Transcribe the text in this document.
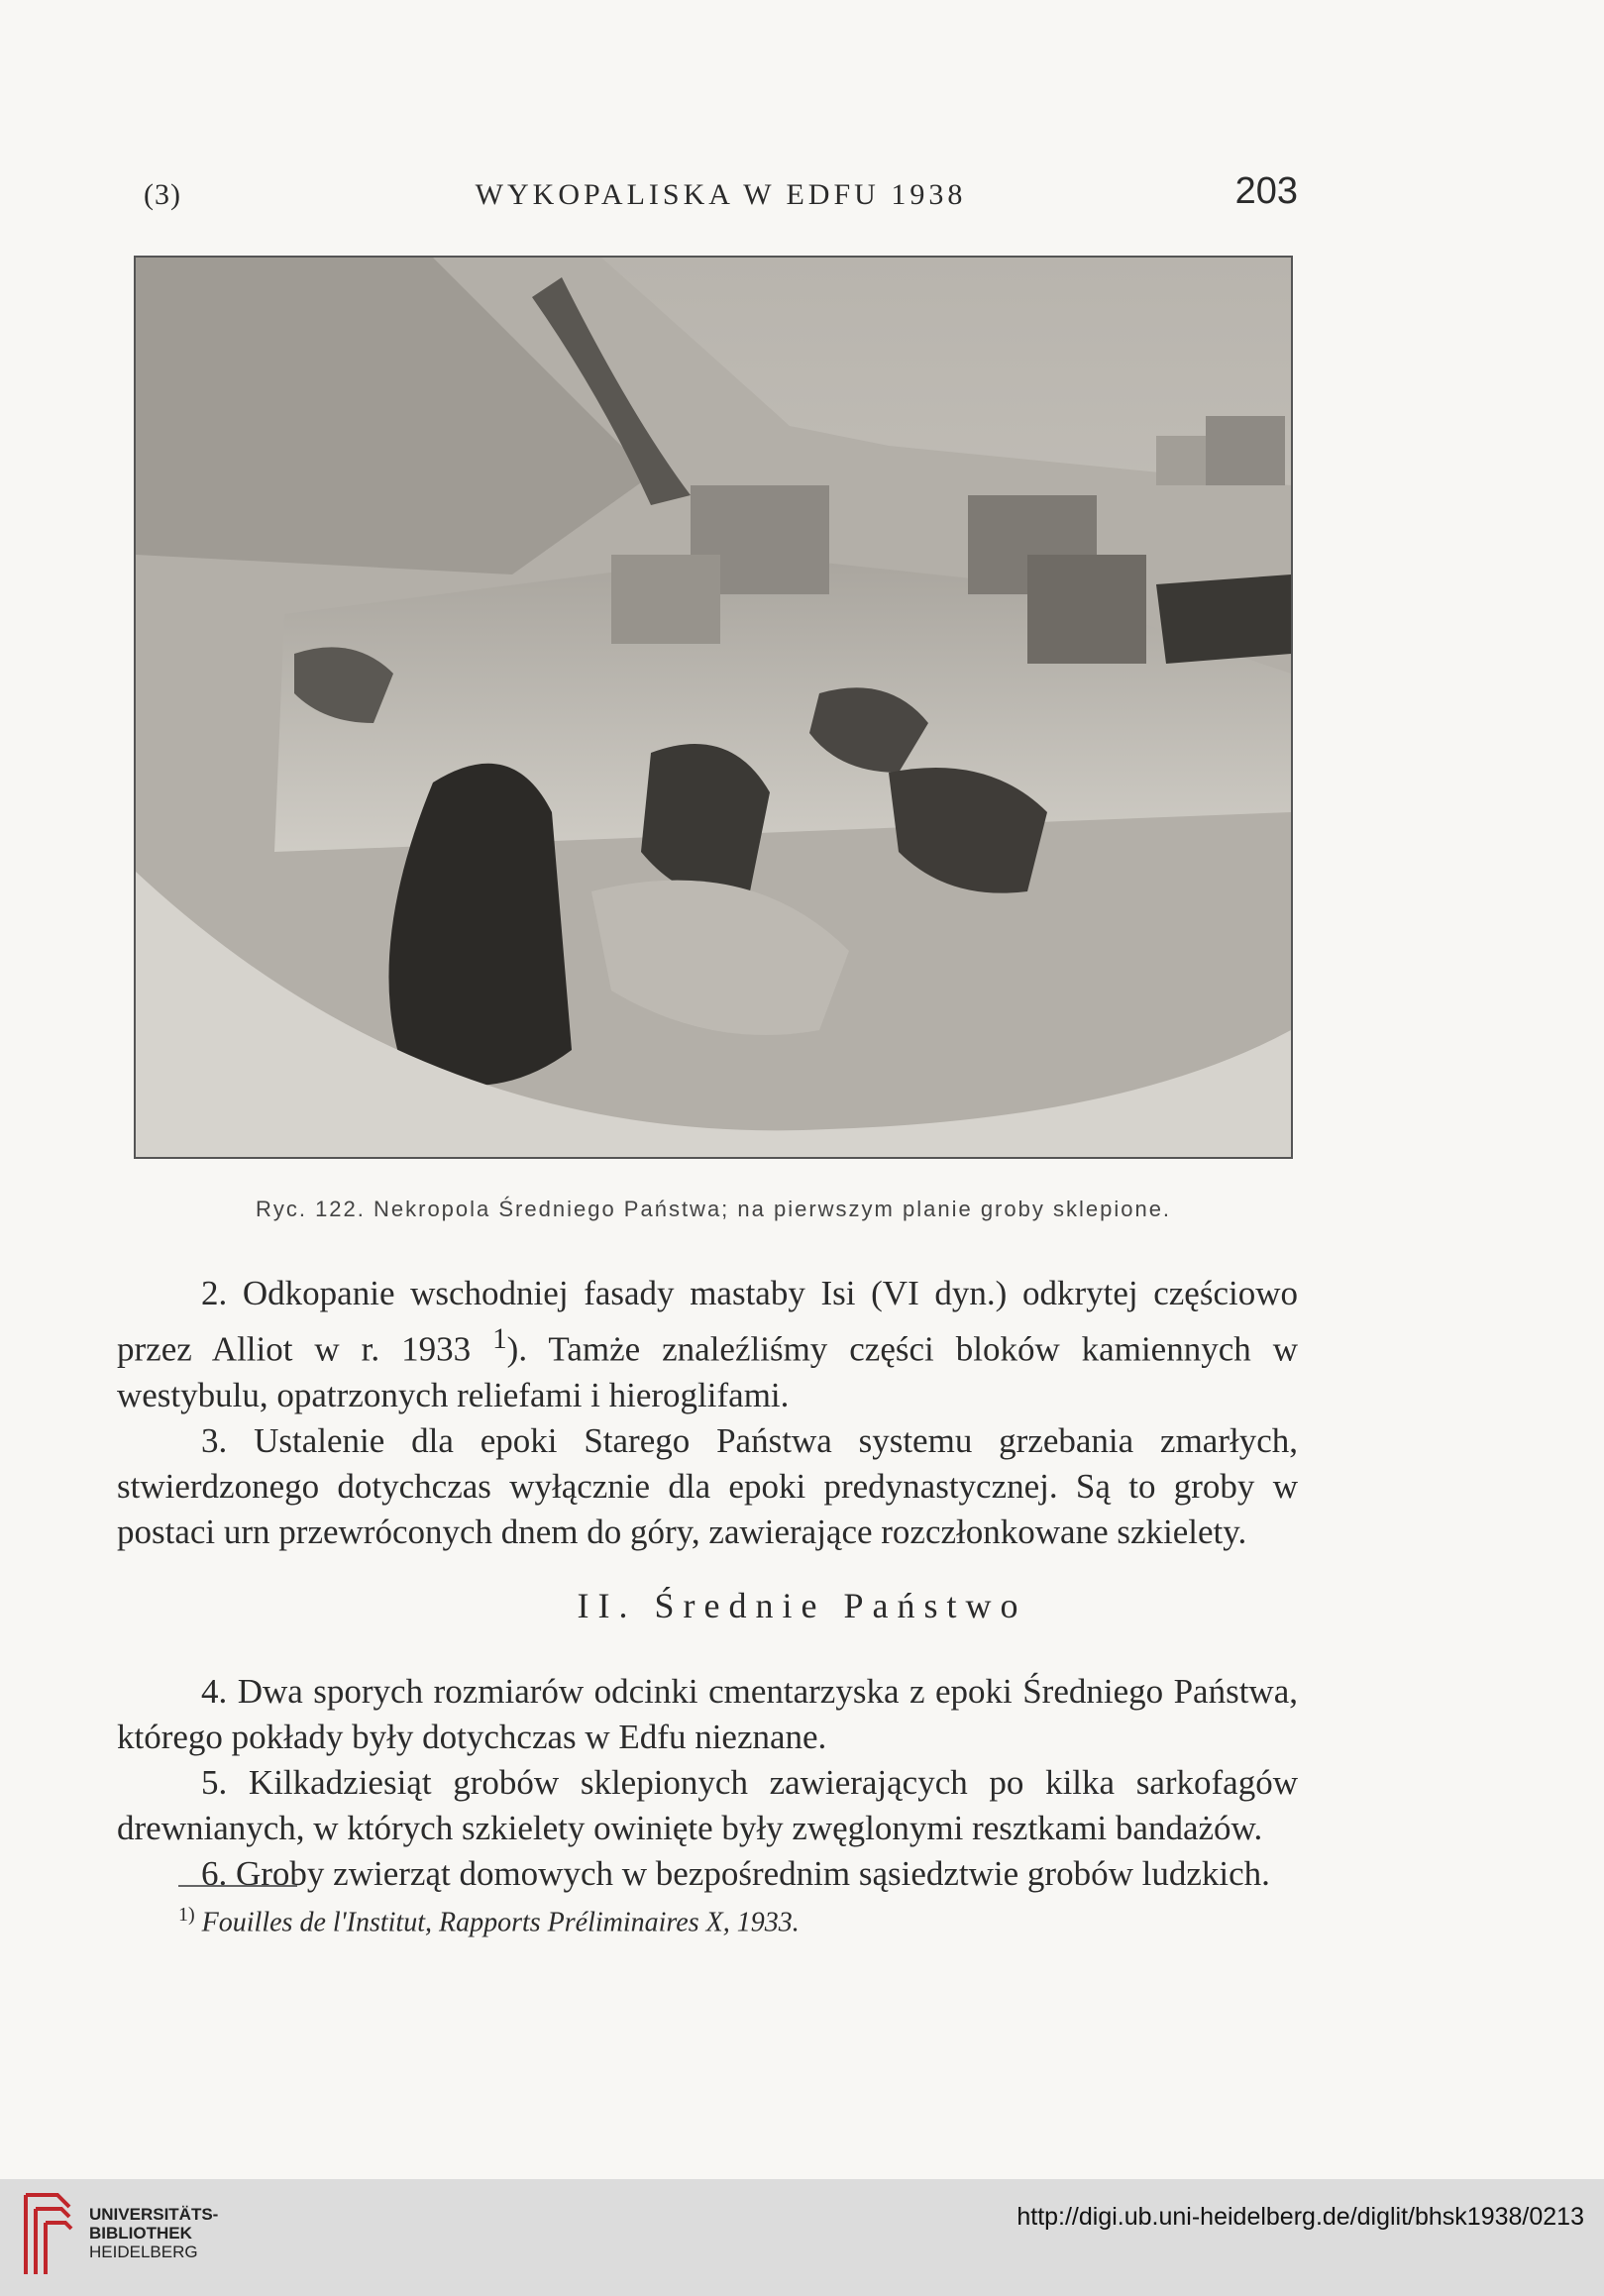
(3)	WYKOPALISKA W EDFU 1938	203
Ryc. 122. Nekropola Średniego Państwa; na pierwszym planie groby sklepione.

2. Odkopanie wschodniej fasady mastaby Isi (VI dyn.) odkrytej częściowo przez Alliot w r. 1933 $^1$). Tamże znaleźliśmy części bloków kamiennych w westybulu, opatrzonych reliefami i hieroglifami.

3. Ustalenie dla epoki Starego Państwa systemu grzebania zmarłych, stwierdzonego dotychczas wyłącznie dla epoki predynastycznej. Są to groby w postaci urn przewróconych dnem do góry, zawierające rozczłonkowane szkielety.

II. Średnie Państwo

4. Dwa sporych rozmiarów odcinki cmentarzyska z epoki Średniego Państwa, którego pokłady były dotychczas w Edfu nieznane.

5. Kilkadziesiąt grobów sklepionych zawierających po kilka sarkofagów drewnianych, w których szkielety owinięte były zwęglonymi resztkami bandażów.

6. Groby zwierząt domowych w bezpośrednim sąsiedztwie grobów ludzkich.

$^{1)}$ Fouilles de l'Institut, Rapports Préliminaires X, 1933.
UNIVERSITÄTS-
BIBLIOTHEK
HEIDELBERG
http://digi.ub.uni-heidelberg.de/diglit/bhsk1938/0213
